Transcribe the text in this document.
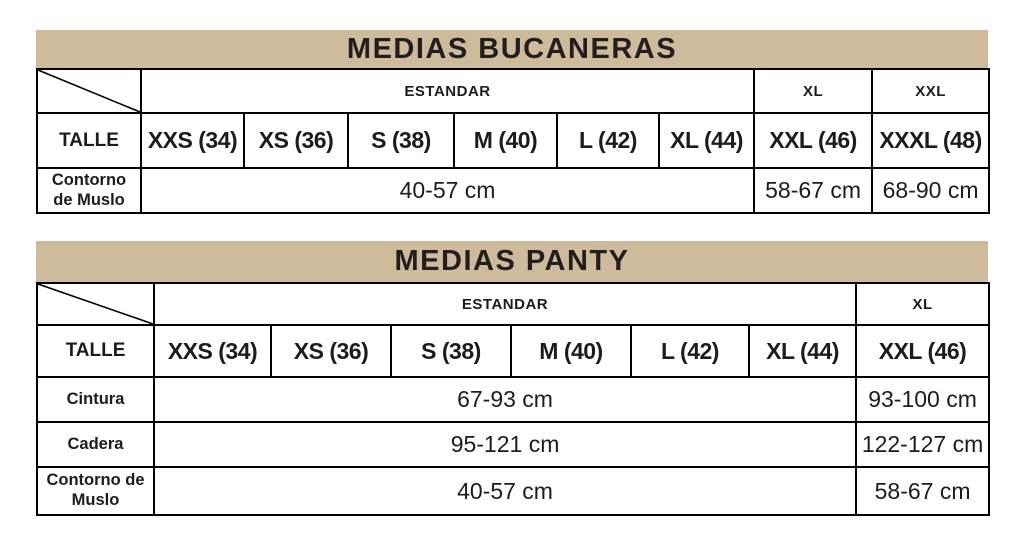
MEDIAS BUCANERAS
	ESTANDAR						XL	XXL
TALLE	XXS (34)	XS (36)	S (38)	M (40)	L (42)	XL (44)	XXL (46)	XXXL (48)
Contorno de Muslo	40-57 cm						58-67 cm	68-90 cm
MEDIAS PANTY
	ESTANDAR						XL
TALLE	XXS (34)	XS (36)	S (38)	M (40)	L (42)	XL (44)	XXL (46)
Cintura	67-93 cm						93-100 cm
Cadera	95-121 cm						122-127 cm
Contorno de Muslo	40-57 cm						58-67 cm
